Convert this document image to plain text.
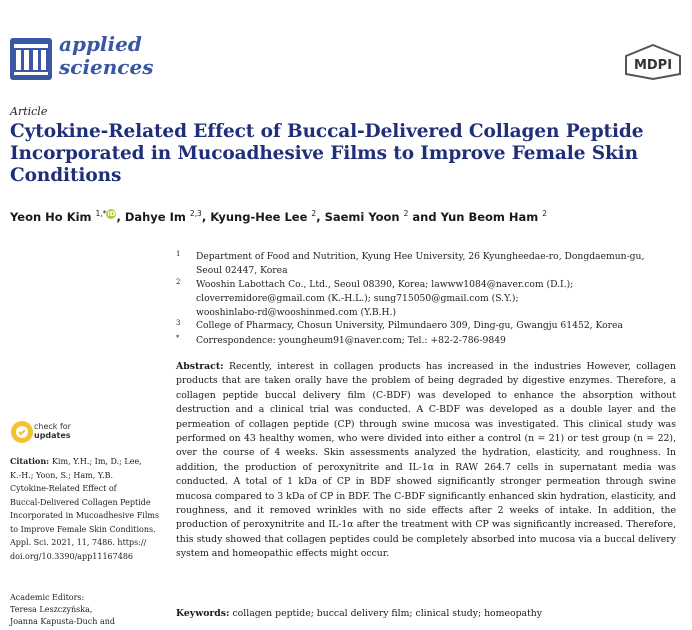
applied
sciences	MDPI
Article
Cytokine-Related Effect of Buccal-Delivered Collagen Peptide Incorporated in Mucoadhesive Films to Improve Female Skin Conditions
Yeon Ho Kim $^{1,*}$iD, Dahye Im $^{2,3}$, Kyung-Hee Lee $^2$, Saemi Yoon $^2$ and Yun Beom Ham $^2$
1 Department of Food and Nutrition, Kyung Hee University, 26 Kyungheedae-ro, Dongdaemun-gu,
Seoul 02447, Korea
2 Wooshin Labottach Co., Ltd., Seoul 08390, Korea; lawww1084@naver.com (D.I.);
cloverremidore@gmail.com (K.-H.L.); sung715050@gmail.com (S.Y.);
wooshinlabo-rd@wooshinmed.com (Y.B.H.)
3 College of Pharmacy, Chosun University, Pilmundaero 309, Ding-gu, Gwangju 61452, Korea
* Correspondence: youngheum91@naver.com; Tel.: +82-2-786-9849
check for
updates
Citation: Kim, Y.H.; Im, D.; Lee,
K.-H.; Yoon, S.; Ham, Y.B.
Cytokine-Related Effect of
Buccal-Delivered Collagen Peptide
Incorporated in Mucoadhesive Films
to Improve Female Skin Conditions.
Appl. Sci. 2021, 11, 7486. https://
doi.org/10.3390/app11167486
Academic Editors:
Teresa Leszczyńska,
Joanna Kapusta-Duch and
Abstract: Recently, interest in collagen products has increased in the industries However, collagen products that are taken orally have the problem of being degraded by digestive enzymes. Therefore, a collagen peptide buccal delivery film (C-BDF) was developed to enhance the absorption without destruction and a clinical trial was conducted. A C-BDF was developed as a double layer and the permeation of collagen peptide (CP) through swine mucosa was investigated. This clinical study was performed on 43 healthy women, who were divided into either a control (n = 21) or test group (n = 22), over the course of 4 weeks. Skin assessments analyzed the hydration, elasticity, and roughness. In addition, the production of peroxynitrite and IL-1α in RAW 264.7 cells in supernatant media was conducted. A total of 1 kDa of CP in BDF showed significantly stronger permeation through swine mucosa compared to 3 kDa of CP in BDF. The C-BDF significantly enhanced skin hydration, elasticity, and roughness, and it removed wrinkles with no side effects after 2 weeks of intake. In addition, the production of peroxynitrite and IL-1α after the treatment with CP was significantly increased. Therefore, this study showed that collagen peptides could be completely absorbed into mucosa via a buccal delivery system and homeopathic effects might occur.
Keywords: collagen peptide; buccal delivery film; clinical study; homeopathy
